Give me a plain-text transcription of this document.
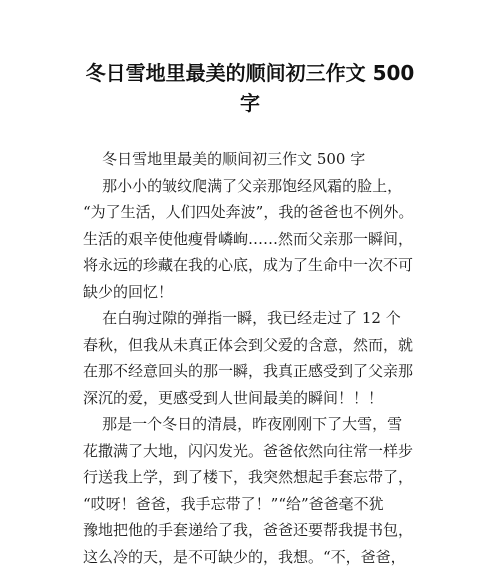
冬日雪地里最美的顺间初三作文 500
字

冬日雪地里最美的顺间初三作文 500 字

那小小的皱纹爬满了父亲那饱经风霜的脸上，

“为了生活，人们四处奔波”，我的爸爸也不例外。

生活的艰辛使他瘦骨嶙峋……然而父亲那一瞬间，

将永远的珍藏在我的心底，成为了生命中一次不可

缺少的回忆！

在白驹过隙的弹指一瞬，我已经走过了 12 个

春秋，但我从未真正体会到父爱的含意，然而，就

在那不经意回头的那一瞬，我真正感受到了父亲那

深沉的爱，更感受到人世间最美的瞬间！！！

那是一个冬日的清晨，昨夜刚刚下了大雪，雪

花撒满了大地，闪闪发光。爸爸依然向往常一样步

行送我上学，到了楼下，我突然想起手套忘带了，

“哎呀！爸爸，我手忘带了！”“给”爸爸毫不犹

豫地把他的手套递给了我，爸爸还要帮我提书包，

这么冷的天，是不可缺少的，我想。“不，爸爸，
